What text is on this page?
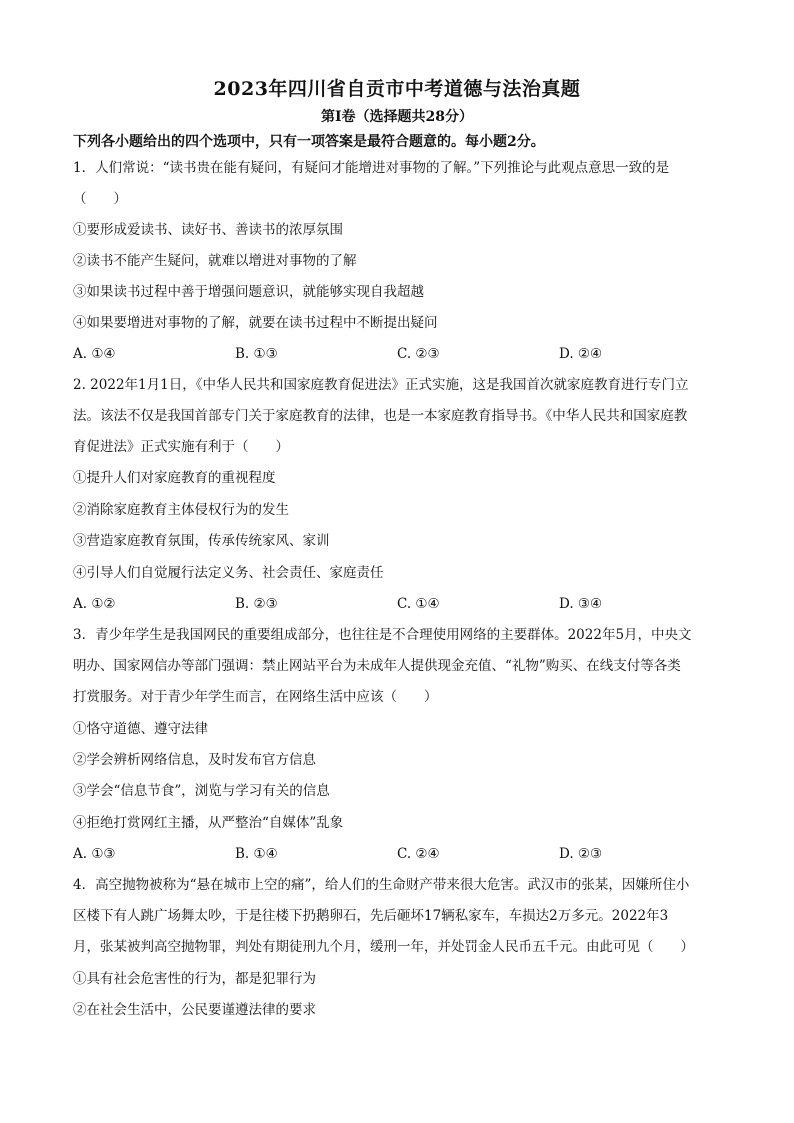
2023年四川省自贡市中考道德与法治真题
第Ⅰ卷（选择题共28分）
下列各小题给出的四个选项中，只有一项答案是最符合题意的。每小题2分。
1．人们常说：“读书贵在能有疑问，有疑问才能增进对事物的了解。”下列推论与此观点意思一致的是
（　　）
①要形成爱读书、读好书、善读书的浓厚氛围
②读书不能产生疑问，就难以增进对事物的了解
③如果读书过程中善于增强问题意识，就能够实现自我超越
④如果要增进对事物的了解，就要在读书过程中不断提出疑问
A. ①④	B. ①③	C. ②③	D. ②④
2. 2022年1月1日，《中华人民共和国家庭教育促进法》正式实施，这是我国首次就家庭教育进行专门立
法。该法不仅是我国首部专门关于家庭教育的法律，也是一本家庭教育指导书。《中华人民共和国家庭教
育促进法》正式实施有利于（　　）
①提升人们对家庭教育的重视程度
②消除家庭教育主体侵权行为的发生
③营造家庭教育氛围，传承传统家风、家训
④引导人们自觉履行法定义务、社会责任、家庭责任
A. ①②	B. ②③	C. ①④	D. ③④
3．青少年学生是我国网民的重要组成部分，也往往是不合理使用网络的主要群体。2022年5月，中央文
明办、国家网信办等部门强调：禁止网站平台为未成年人提供现金充值、“礼物”购买、在线支付等各类
打赏服务。对于青少年学生而言，在网络生活中应该（　　）
①恪守道德、遵守法律
②学会辨析网络信息，及时发布官方信息
③学会“信息节食”，浏览与学习有关的信息
④拒绝打赏网红主播，从严整治“自媒体”乱象
A. ①③	B. ①④	C. ②④	D. ②③
4．高空抛物被称为“悬在城市上空的痛”，给人们的生命财产带来很大危害。武汉市的张某，因嫌所住小
区楼下有人跳广场舞太吵，于是往楼下扔鹅卵石，先后砸坏17辆私家车，车损达2万多元。2022年3
月，张某被判高空抛物罪，判处有期徒刑九个月，缓刑一年，并处罚金人民币五千元。由此可见（　　）
①具有社会危害性的行为，都是犯罪行为
②在社会生活中，公民要谨遵法律的要求
